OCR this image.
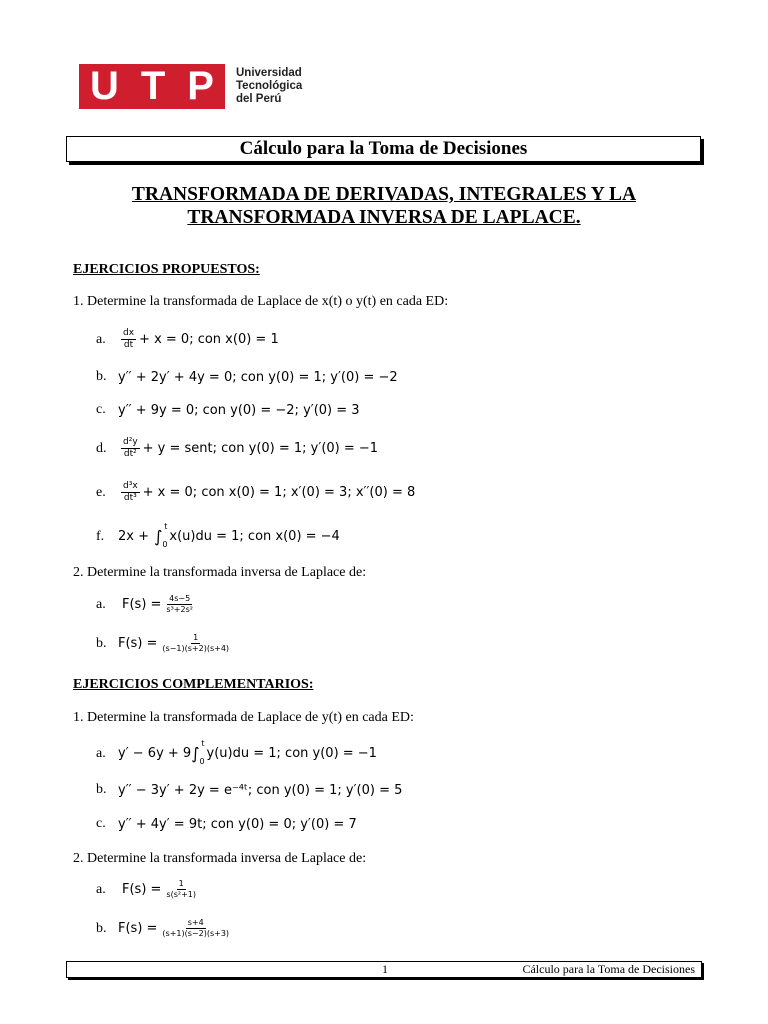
U T P Universidad
Tecnológica
del Perú
Cálculo para la Toma de Decisiones
TRANSFORMADA DE DERIVADAS, INTEGRALES Y LA
TRANSFORMADA INVERSA DE LAPLACE.
EJERCICIOS PROPUESTOS:
1. Determine la transformada de Laplace de x(t) o y(t) en cada ED:
a.	$\frac{dx}{dt} + x = 0$; con x(0) = 1
b. y′′ + 2y′ + 4y = 0; con y(0) = 1; y′(0) = −2
c. y′′ + 9y = 0; con y(0) = −2; y′(0) = 3
d.	$\frac{\text{d²y}}{\text{dt²}} + y$ = sent; con y(0) = 1; y′(0) = −1
e.	$\frac{\text{d³x}}{\text{dt³}} + x = 0$; con x(0) = 1; x′(0) = 3; x′′(0) = 8
f.	2x + ∫
t
0
x(u)du = 1; con x(0) = −4
2. Determine la transformada inversa de Laplace de:
a.	$F(s) = \frac{4s-5}{\text{s³+2s²}}$
b. $F(s) = \frac{1}{(s-1)(s+2)(s+4)}$
EJERCICIOS COMPLEMENTARIOS:
1. Determine la transformada de Laplace de y(t) en cada ED:
a. y′ − 6y + 9 ∫
t
0
y(u)du = 1; con y(0) = −1
b. y′′ − 3y′ + 2y = e⁻⁴ᵗ; con y(0) = 1; y′(0) = 5
c. y′′ + 4y′ = 9t; con y(0) = 0; y′(0) = 7
2. Determine la transformada inversa de Laplace de:
a.	$F(s) = \frac{1}{\text{s(s²+1)}}$
b. $F(s) = \frac{s+4}{(s+1)(s-2)(s+3)}$
1	Cálculo para la Toma de Decisiones
